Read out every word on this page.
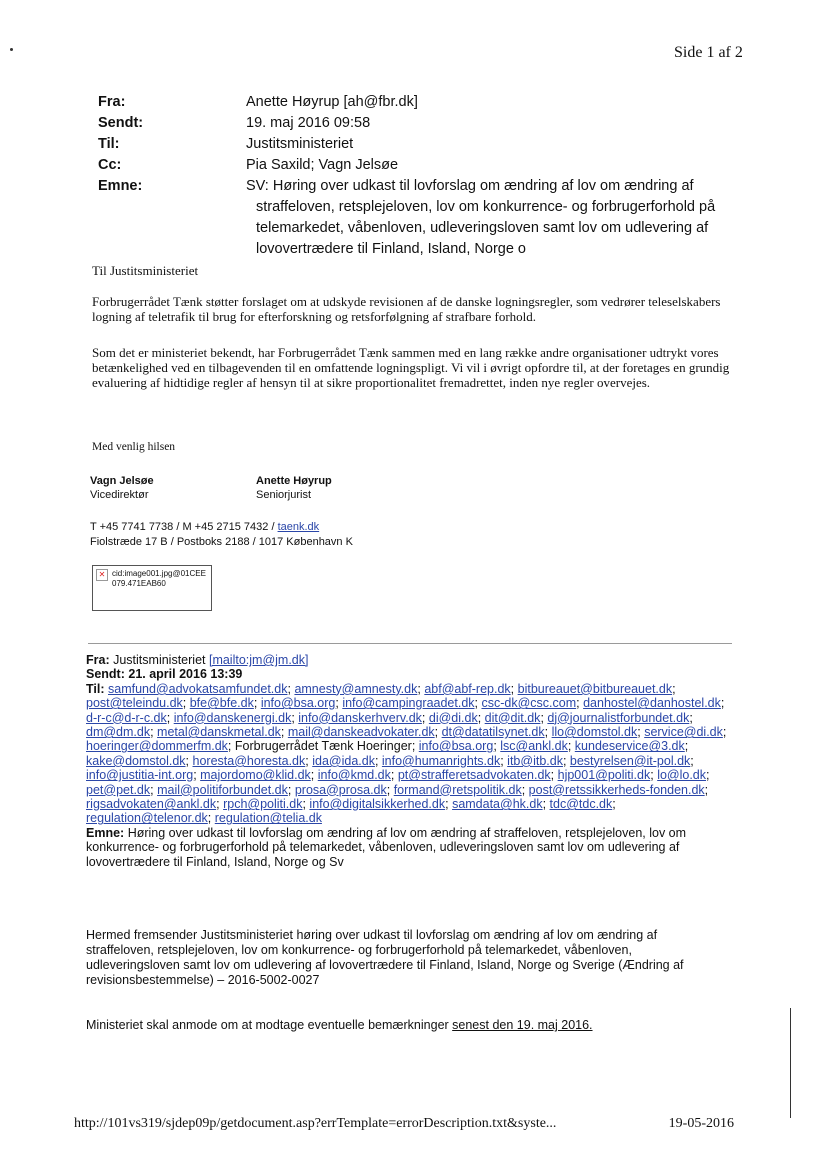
Side 1 af 2
Fra:	Anette Høyrup [ah@fbr.dk]
Sendt:	19. maj 2016 09:58
Til:	Justitsministeriet
Cc:	Pia Saxild; Vagn Jelsøe
Emne:	SV: Høring over udkast til lovforslag om ændring af lov om ændring af
straffeloven, retsplejeloven, lov om konkurrence- og forbrugerforhold på
telemarkedet, våbenloven, udleveringsloven samt lov om udlevering af
lovovertrædere til Finland, Island, Norge o
Til Justitsministeriet
Forbrugerrådet Tænk støtter forslaget om at udskyde revisionen af de danske logningsregler, som vedrører teleselskabers logning af teletrafik til brug for efterforskning og retsforfølgning af strafbare forhold.
Som det er ministeriet bekendt, har Forbrugerrådet Tænk sammen med en lang række andre organisationer udtrykt vores betænkelighed ved en tilbagevenden til en omfattende logningspligt. Vi vil i øvrigt opfordre til, at der foretages en grundig evaluering af hidtidige regler af hensyn til at sikre proportionalitet fremadrettet, inden nye regler overvejes.
Med venlig hilsen
Vagn Jelsøe
Vicedirektør
Anette Høyrup
Seniorjurist
T +45 7741 7738 / M +45 2715 7432 / taenk.dk
Fiolstræde 17 B / Postboks 2188 / 1017 København K
✕ cid:image001.jpg@01CEE079.471EAB60
Fra: Justitsministeriet [mailto:jm@jm.dk]
Sendt: 21. april 2016 13:39
Til: samfund@advokatsamfundet.dk; amnesty@amnesty.dk; abf@abf-rep.dk; bitbureauet@bitbureauet.dk; post@teleindu.dk; bfe@bfe.dk; info@bsa.org; info@campingraadet.dk; csc-dk@csc.com; danhostel@danhostel.dk; d-r-c@d-r-c.dk; info@danskenergi.dk; info@danskerhverv.dk; di@di.dk; dit@dit.dk; dj@journalistforbundet.dk; dm@dm.dk; metal@danskmetal.dk; mail@danskeadvokater.dk; dt@datatilsynet.dk; llo@domstol.dk; service@di.dk; hoeringer@dommerfm.dk; Forbrugerrådet Tænk Hoeringer; info@bsa.org; lsc@ankl.dk; kundeservice@3.dk; kake@domstol.dk; horesta@horesta.dk; ida@ida.dk; info@humanrights.dk; itb@itb.dk; bestyrelsen@it-pol.dk; info@justitia-int.org; majordomo@klid.dk; info@kmd.dk; pt@strafferetsadvokaten.dk; hjp001@politi.dk; lo@lo.dk; pet@pet.dk; mail@politiforbundet.dk; prosa@prosa.dk; formand@retspolitik.dk; post@retssikkerheds-fonden.dk; rigsadvokaten@ankl.dk; rpch@politi.dk; info@digitalsikkerhed.dk; samdata@hk.dk; tdc@tdc.dk; regulation@telenor.dk; regulation@telia.dk
Emne: Høring over udkast til lovforslag om ændring af lov om ændring af straffeloven, retsplejeloven, lov om konkurrence- og forbrugerforhold på telemarkedet, våbenloven, udleveringsloven samt lov om udlevering af lovovertrædere til Finland, Island, Norge og Sv
Hermed fremsender Justitsministeriet høring over udkast til lovforslag om ændring af lov om ændring af straffeloven, retsplejeloven, lov om konkurrence- og forbrugerforhold på telemarkedet, våbenloven, udleveringsloven samt lov om udlevering af lovovertrædere til Finland, Island, Norge og Sverige (Ændring af revisionsbestemmelse) – 2016-5002-0027
Ministeriet skal anmode om at modtage eventuelle bemærkninger senest den 19. maj 2016.
http://101vs319/sjdep09p/getdocument.asp?errTemplate=errorDescription.txt&syste...	19-05-2016
